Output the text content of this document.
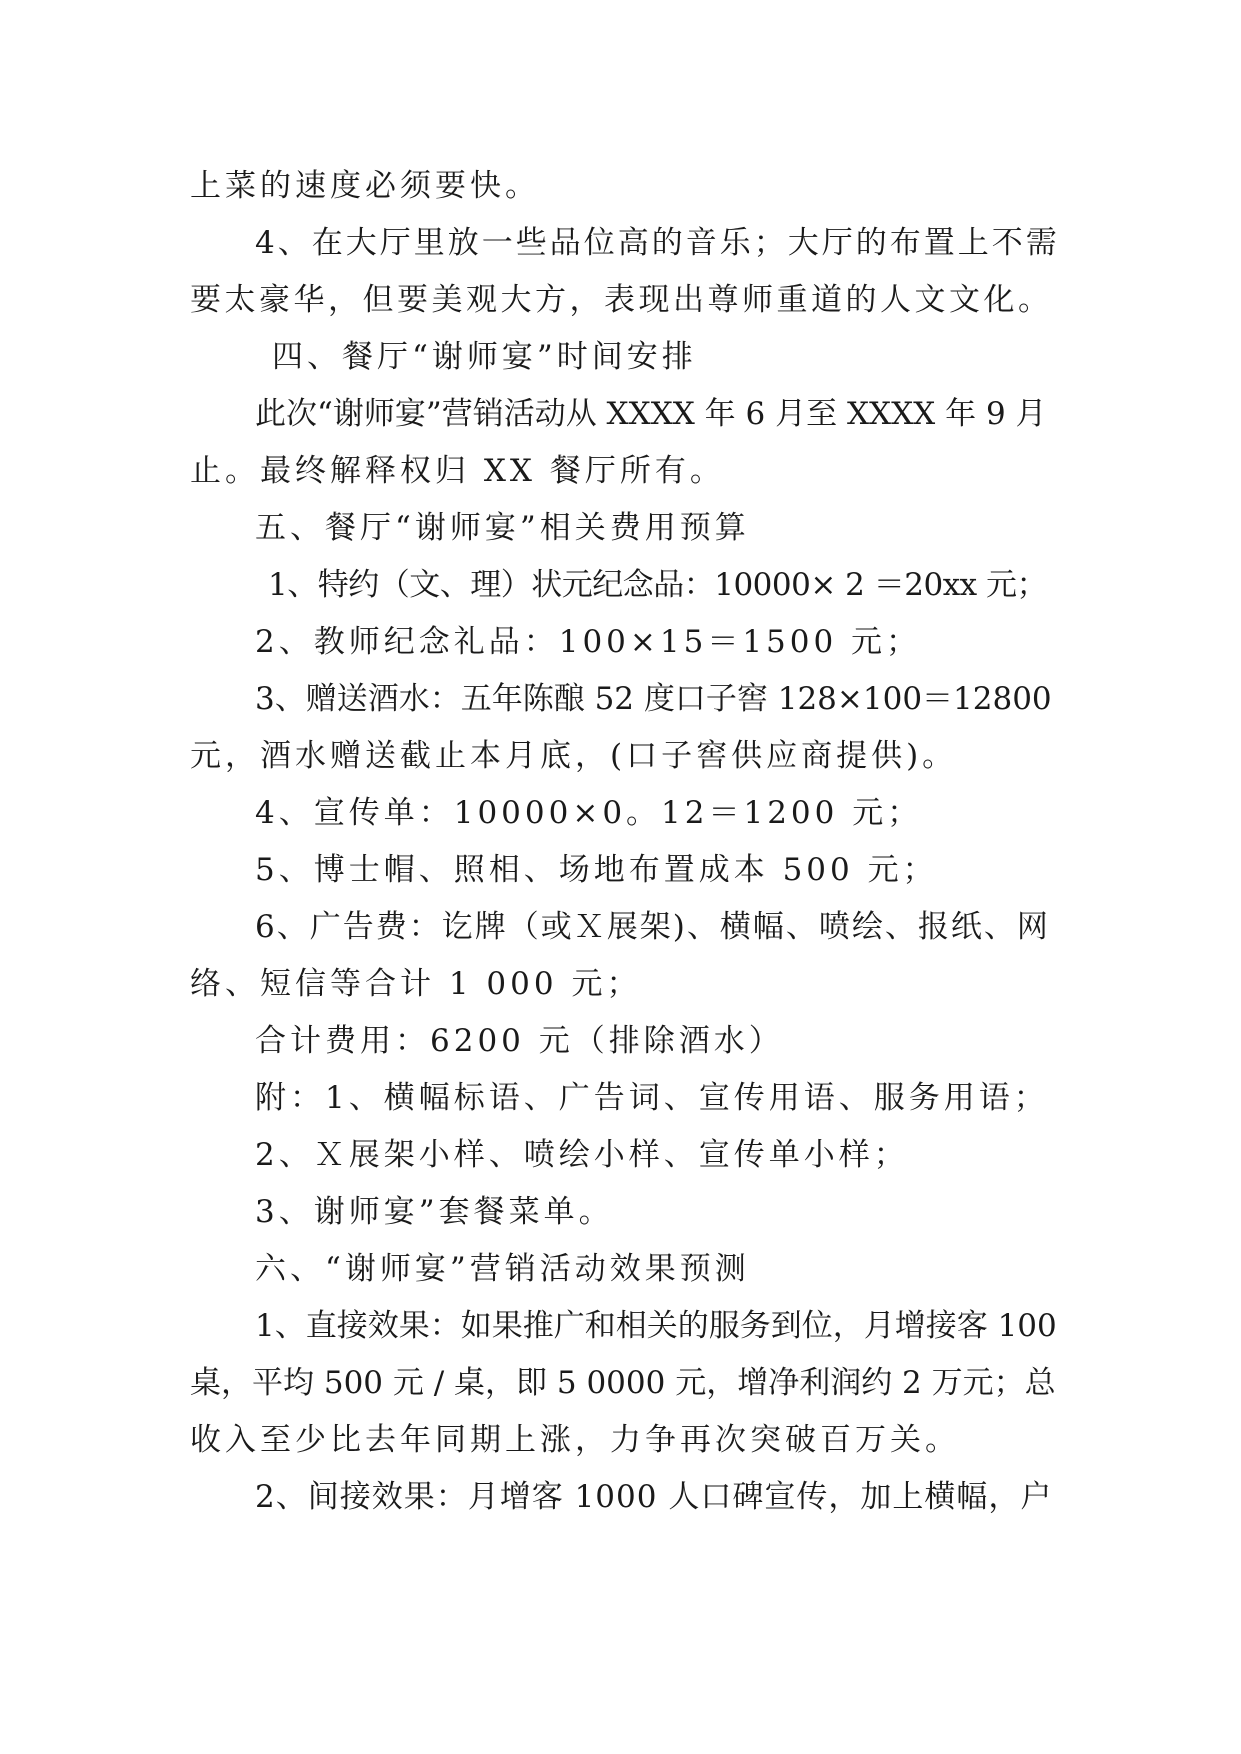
上菜的速度必须要快。
4、在大厅里放一些品位高的音乐；大厅的布置上不需
要太豪华，但要美观大方，表现出尊师重道的人文文化。
四、餐厅“谢师宴”时间安排
此次“谢师宴”营销活动从 XXXX 年 6 月至 XXXX 年 9 月
止。最终解释权归 XX 餐厅所有。
五、餐厅“谢师宴”相关费用预算
1、特约（文、理）状元纪念品：10000× 2 ＝20xx 元；
2、教师纪念礼品：100×15＝1500 元；
3、赠送酒水：五年陈酿 52 度口子窖 128×100＝12800
元，酒水赠送截止本月底，(口子窖供应商提供)。
4、宣传单：10000×0。12＝1200 元；
5、博士帽、照相、场地布置成本 500 元；
6、广告费：讫牌（或Ｘ展架)、横幅、喷绘、报纸、网
络、短信等合计 1 000 元；
合计费用：6200 元（排除酒水）
附：1、横幅标语、广告词、宣传用语、服务用语；
2、Ｘ展架小样、喷绘小样、宣传单小样；
3、谢师宴”套餐菜单。
六、“谢师宴”营销活动效果预测
1、直接效果：如果推广和相关的服务到位，月增接客 100
桌，平均 500 元 / 桌，即 5 0000 元，增净利润约 2 万元；总
收入至少比去年同期上涨，力争再次突破百万关。
2、间接效果：月增客 1000 人口碑宣传，加上横幅，户
